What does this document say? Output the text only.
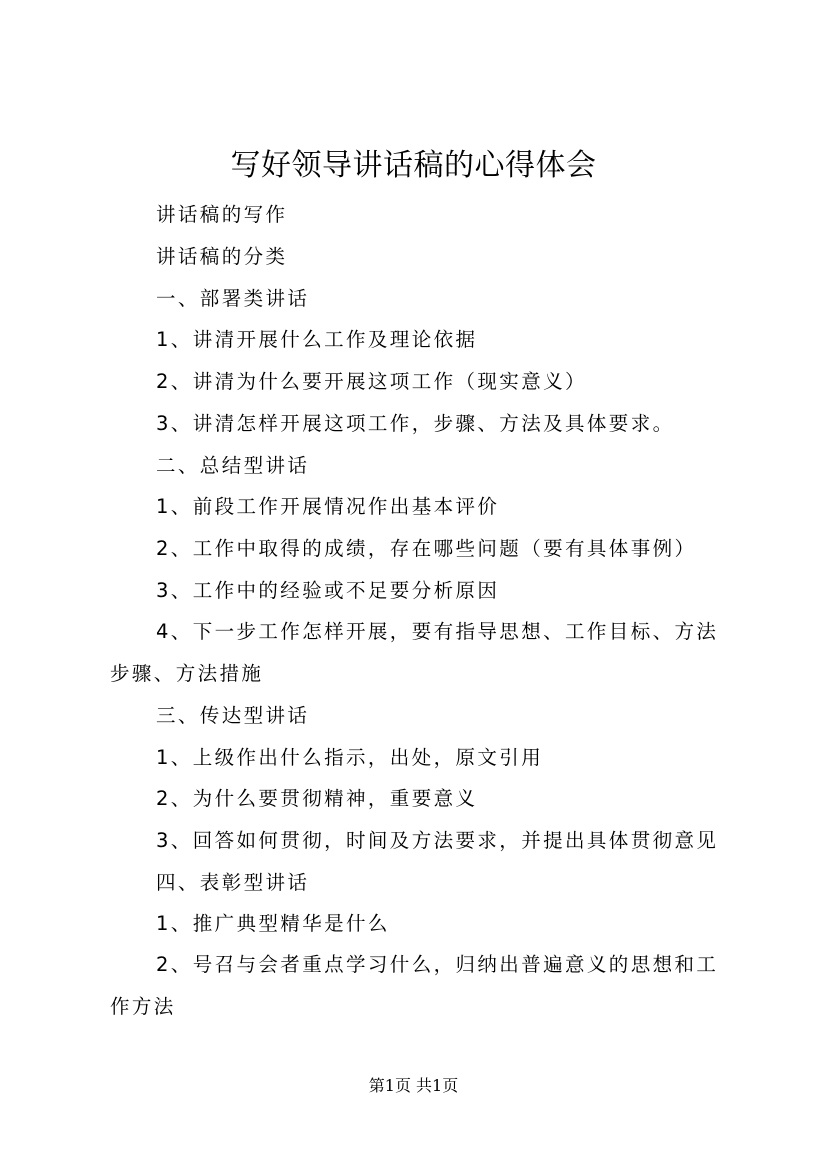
写好领导讲话稿的心得体会
讲话稿的写作
讲话稿的分类
一、部署类讲话
1、讲清开展什么工作及理论依据
2、讲清为什么要开展这项工作（现实意义）
3、讲清怎样开展这项工作，步骤、方法及具体要求。
二、总结型讲话
1、前段工作开展情况作出基本评价
2、工作中取得的成绩，存在哪些问题（要有具体事例）
3、工作中的经验或不足要分析原因
4、下一步工作怎样开展，要有指导思想、工作目标、方法步骤、方法措施
三、传达型讲话
1、上级作出什么指示，出处，原文引用
2、为什么要贯彻精神，重要意义
3、回答如何贯彻，时间及方法要求，并提出具体贯彻意见
四、表彰型讲话
1、推广典型精华是什么
2、号召与会者重点学习什么，归纳出普遍意义的思想和工作方法
第1页 共1页
